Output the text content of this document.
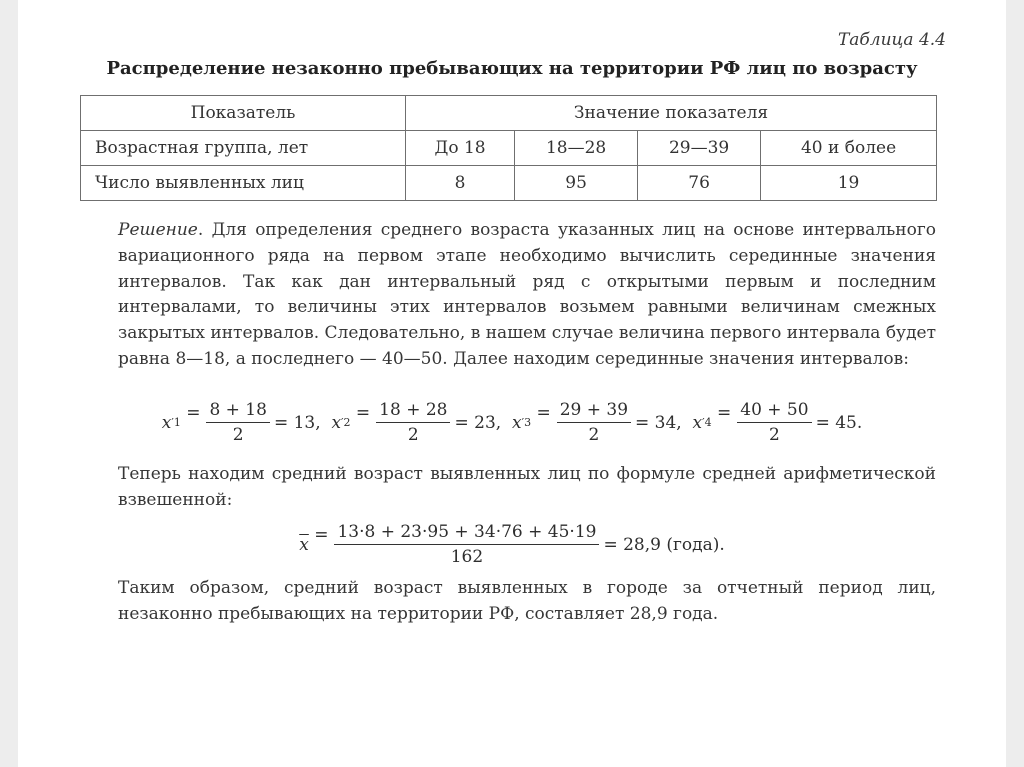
Таблица 4.4
Распределение незаконно пребывающих на территории РФ лиц по возрасту
Показатель	Значение показателя			
Возрастная группа, лет	До 18	18—28	29—39	40 и более
Число выявленных лиц	8	95	76	19
Решение. Для определения среднего возраста указанных лиц на основе интервального вариационного ряда на первом этапе необходимо вычислить серединные значения интервалов. Так как дан интервальный ряд с открытыми первым и последним интервалами, то величины этих интервалов возьмем равными величинам смежных закрытых интервалов. Следовательно, в нашем случае величина первого интервала будет равна 8—18, а последнего — 40—50. Далее находим серединные значения интервалов:
x ′ 1 =
$\frac{8 + 18}{2} = 13$,

x ′ 2 =
$\frac{18 + 28}{2} = 23$,

x ′ 3 =
$\frac{29 + 39}{2} = 34$,

x ′ 4 =
$\frac{40 + 50}{2} = 45$.
Теперь находим средний возраст выявленных лиц по формуле средней арифметической взвешенной:
$\overline{x}$ =
$\frac{13\cdot 8 + 23\cdot 95 + 34\cdot 76 + 45\cdot 19}{162} = 28,9$ (года).
Таким образом, средний возраст выявленных в городе за отчетный период лиц, незаконно пребывающих на территории РФ, составляет 28,9 года.
